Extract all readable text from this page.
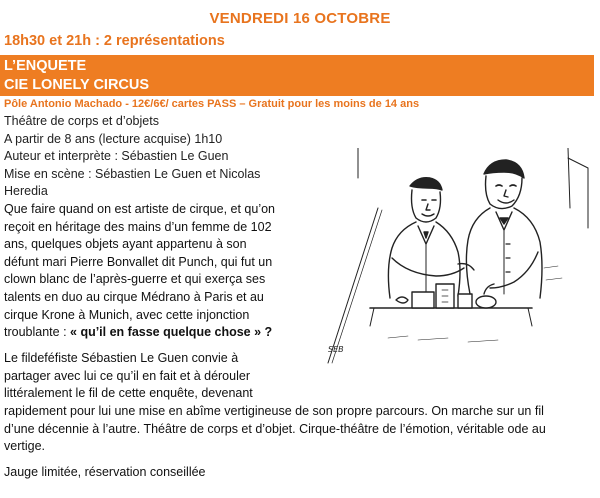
VENDREDI 16 OCTOBRE
18h30 et 21h : 2 représentations
L’ENQUETE
CIE LONELY CIRCUS
Pôle Antonio Machado - 12€/6€/ cartes PASS – Gratuit pour les moins de 14 ans
Théâtre de corps et d’objets
A partir de 8 ans (lecture acquise) 1h10
Auteur et interprète : Sébastien Le Guen
Mise en scène : Sébastien Le Guen et Nicolas
Heredia
Que faire quand on est artiste de cirque, et qu’on
reçoit en héritage des mains d’un femme de 102
ans, quelques objets ayant appartenu à son
défunt mari Pierre Bonvallet dit Punch, qui fut un
clown blanc de l’après-guerre et qui exerça ses
talents en duo au cirque Médrano à Paris et au
cirque Krone à Munich, avec cette injonction
troublante : « qu’il en fasse quelque chose » ?
Le fildeféfiste Sébastien Le Guen convie à
partager avec lui ce qu’il en fait et à dérouler
littéralement le fil de cette enquête, devenant
rapidement pour lui une mise en abîme vertigineuse de son propre parcours. On marche sur un fil
d’une décennie à l’autre. Théâtre de corps et d’objet. Cirque-théâtre de l’émotion, véritable ode au
vertige.
Jauge limitée, réservation conseillée
SEB
